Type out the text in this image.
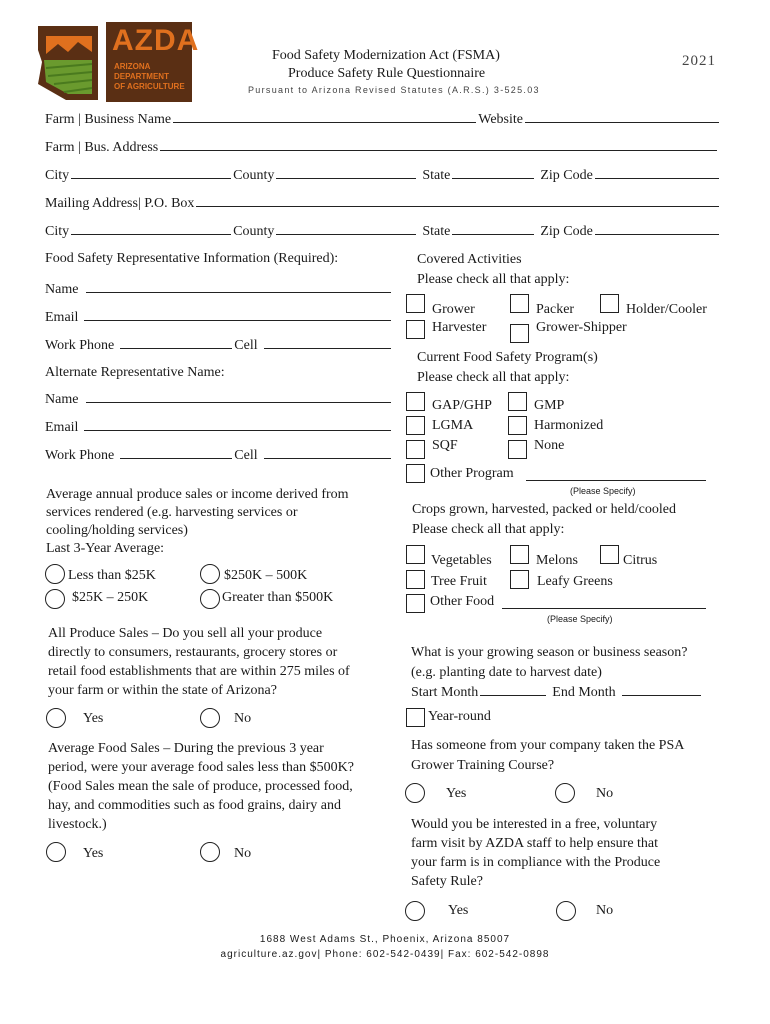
AZDA
ARIZONA
DEPARTMENT
OF AGRICULTURE
Food Safety Modernization Act (FSMA)
Produce Safety Rule Questionnaire
Pursuant to Arizona Revised Statutes (A.R.S.) 3-525.03
2021
Farm | Business Name	Website
Farm | Bus. Address
City	County	State	Zip Code
Mailing Address| P.O. Box
City	County	State	Zip Code
Food Safety Representative Information (Required):
Name
Email
Work Phone	Cell
Alternate Representative Name:
Name
Email
Work Phone	Cell
Average annual produce sales or income derived from
services rendered (e.g. harvesting services or
cooling/holding services)
Last 3-Year Average:
Less than $25K	$250K – 500K
$25K – 250K	Greater than $500K
All Produce Sales – Do you sell all your produce
directly to consumers, restaurants, grocery stores or
retail food establishments that are within 275 miles of
your farm or within the state of Arizona?
Yes	No
Average Food Sales – During the previous 3 year
period, were your average food sales less than $500K?
(Food Sales mean the sale of produce, processed food,
hay, and commodities such as food grains, dairy and
livestock.)
Yes	No
Covered Activities
Please check all that apply:
Grower	Packer	Holder/Cooler
Harvester	Grower-Shipper
Current Food Safety Program(s)
Please check all that apply:
GAP/GHP	GMP
LGMA	Harmonized
SQF	None
Other Program
(Please Specify)
Crops grown, harvested, packed or held/cooled
Please check all that apply:
Vegetables	Melons	Citrus
Tree Fruit	Leafy Greens
Other Food
(Please Specify)
What is your growing season or business season?
(e.g. planting date to harvest date)
Start Month	End Month
Year-round
Has someone from your company taken the PSA
Grower Training Course?
Yes	No
Would you be interested in a free, voluntary
farm visit by AZDA staff to help ensure that
your farm is in compliance with the Produce
Safety Rule?
Yes	No
1688 West Adams St., Phoenix, Arizona 85007
agriculture.az.gov| Phone: 602-542-0439| Fax: 602-542-0898
